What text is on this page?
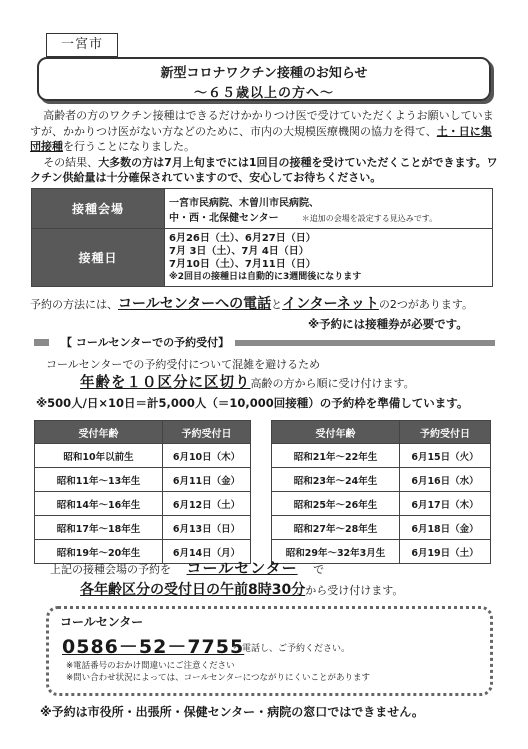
一宮市
新型コロナワクチン接種のお知らせ
～６５歳以上の方へ～

高齢者の方のワクチン接種はできるだけかかりつけ医で受けていただくようお願いしていますが、かかりつけ医がない方などのために、市内の大規模医療機関の協力を得て、土・日に集団接種を行うことになりました。

その結果、大多数の方は7月上旬までには1回目の接種を受けていただくことができます。ワクチン供給量は十分確保されていますので、安心してお待ちください。

接種会場	一宮市民病院、木曽川市民病院、
中・西・北保健センター ＊追加の会場を設定する見込みです。

接種日	6月26日（土）、6月27日（日）
7月 3日（土）、7月 4日（日）
7月10日（土）、7月11日（日）
※2回目の接種日は自動的に3週間後になります
予約の方法には、コールセンターへの電話とインターネットの2つがあります。
※予約には接種券が必要です。
【 コールセンターでの予約受付】
コールセンターでの予約受付について混雑を避けるため
年齢を１０区分に区切り高齢の方から順に受け付けます。
※500人/日×10日＝計5,000人（＝10,000回接種）の予約枠を準備しています。
受付年齢	予約受付日
昭和10年以前生	6月10日（木）
昭和11年～13年生	6月11日（金）
昭和14年～16年生	6月12日（土）
昭和17年～18年生	6月13日（日）
昭和19年～20年生	6月14日（月）
受付年齢	予約受付日
昭和21年～22年生	6月15日（火）
昭和23年～24年生	6月16日（水）
昭和25年～26年生	6月17日（木）
昭和27年～28年生	6月18日（金）
昭和29年～32年3月生	6月19日（土）
上記の接種会場の予約を コールセンター で
各年齢区分の受付日の午前8時30分から受け付けます。
コールセンター
0586－52－7755
へ電話し、ご予約ください。
※電話番号のおかけ間違いにご注意ください
※問い合わせ状況によっては、コールセンターにつながりにくいことがあります
※予約は市役所・出張所・保健センター・病院の窓口ではできません。
